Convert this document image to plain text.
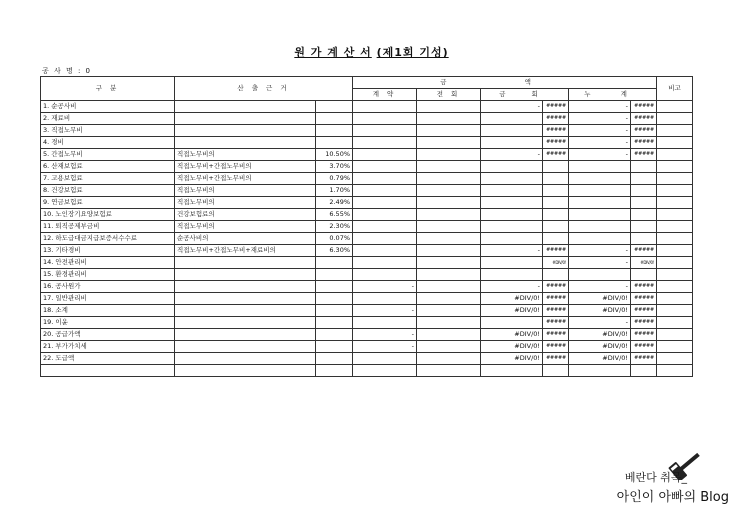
원 가 계 산 서 (제1회 기성)
공 사 명 : 0
구 분	산 출 근 거		금 액						비고
			계 약	전 회	금 회		누 계		
1. 순공사비					-	#####	-	#####	
2. 재료비						#####	-	#####	
3. 직접노무비						#####	-	#####	
4. 경비						#####	-	#####	
5. 간접노무비	직접노무비의	10.50%			-	#####	-	#####	
6. 산재보험료	직접노무비+간접노무비의	3.70%							
7. 고용보험료	직접노무비+간접노무비의	0.79%							
8. 건강보험료	직접노무비의	1.70%							
9. 연금보험료	직접노무비의	2.49%							
10. 노인장기요양보험료	건강보험료의	6.55%							
11. 퇴직공제부금비	직접노무비의	2.30%							
12. 하도급대금지급보증서수수료	순공사비의	0.07%							
13. 기타경비	직접노무비+간접노무비+재료비의	6.30%			-	#####	-	#####	
14. 안전관리비						#DIV/0!	-	#DIV/0!	
15. 환경관리비									
16. 공사원가			-		-	#####	-	#####	
17. 일반관리비					#DIV/0!	#####	#DIV/0!	#####	
18. 소계			-		#DIV/0!	#####	#DIV/0!	#####	
19. 이윤						#####	-	#####	
20. 공급가액			-		#DIV/0!	#####	#DIV/0!	#####	
21. 부가가치세			-		#DIV/0!	#####	#DIV/0!	#####	
22. 도급액					#DIV/0!	#####	#DIV/0!	#####	

베란다 취목_
아인이 아빠의 Blog
